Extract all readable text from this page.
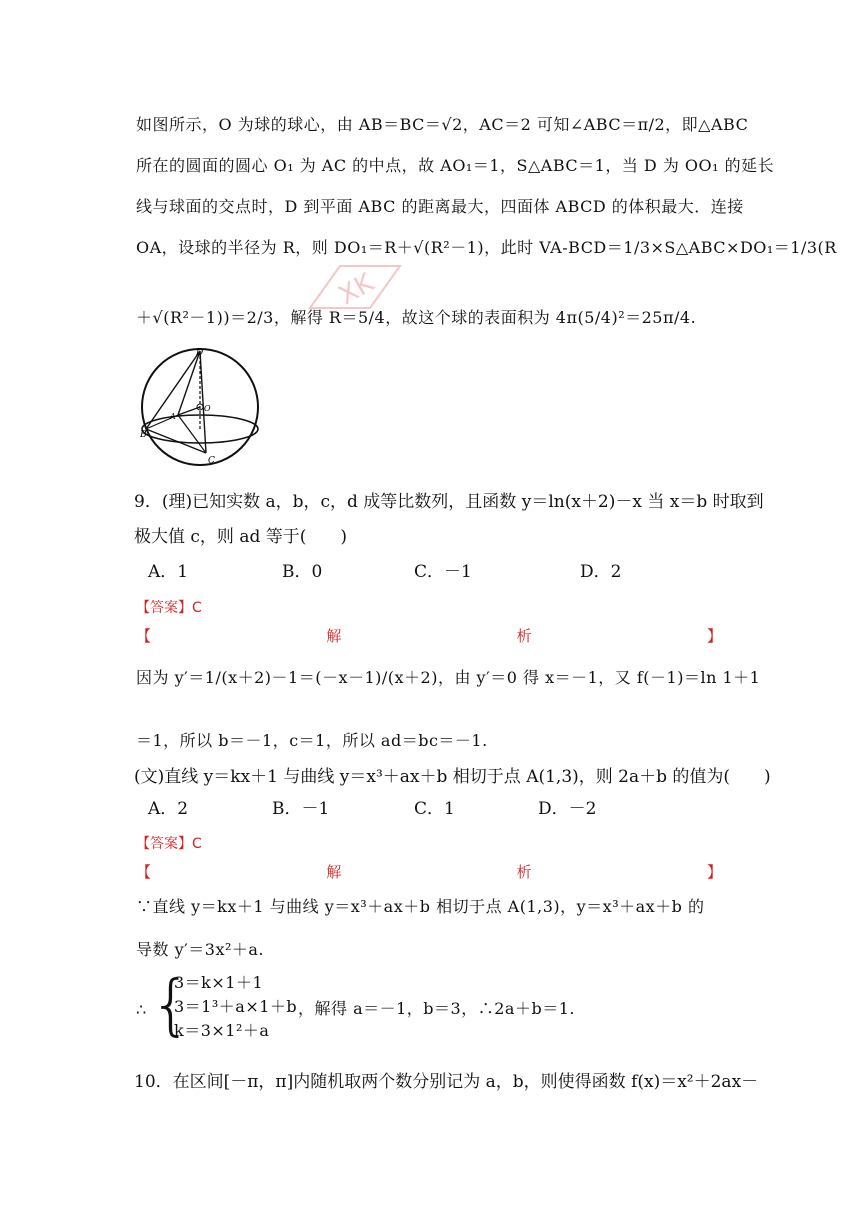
如图所示，O 为球的球心，由 AB＝BC＝√2，AC＝2 可知∠ABC＝π/2，即△ABC
所在的圆面的圆心 O₁ 为 AC 的中点，故 AO₁＝1，S△ABC＝1，当 D 为 OO₁ 的延长
线与球面的交点时，D 到平面 ABC 的距离最大，四面体 ABCD 的体积最大．连接
OA，设球的半径为 R，则 DO₁＝R＋√(R²－1)，此时 VA-BCD＝1/3×S△ABC×DO₁＝1/3(R
＋√(R²－1))＝2/3，解得 R＝5/4，故这个球的表面积为 4π(5/4)²＝25π/4.
XK
D
B
A
C
O
9．(理)已知实数 a，b，c，d 成等比数列，且函数 y＝ln(x＋2)－x 当 x＝b 时取到
极大值 c，则 ad 等于(　　)
A．1	B．0	C．－1	D．2
【答案】C
【	解	析	】
因为 y′＝1/(x＋2)－1＝(－x－1)/(x＋2)，由 y′＝0 得 x＝－1，又 f(－1)＝ln 1＋1
＝1，所以 b＝－1，c＝1，所以 ad＝bc＝－1.
(文)直线 y＝kx＋1 与曲线 y＝x³＋ax＋b 相切于点 A(1,3)，则 2a＋b 的值为(　　)
A．2	B．－1	C．1	D．－2
【答案】C
【	解	析	】
∵直线 y＝kx＋1 与曲线 y＝x³＋ax＋b 相切于点 A(1,3)，y＝x³＋ax＋b 的
导数 y′＝3x²＋a.
∴ {
3＝k×1＋1
3＝1³＋a×1＋b
k＝3×1²＋a
，解得 a＝－1，b＝3，∴2a＋b＝1.
10．在区间[－π，π]内随机取两个数分别记为 a，b，则使得函数 f(x)＝x²＋2ax－
